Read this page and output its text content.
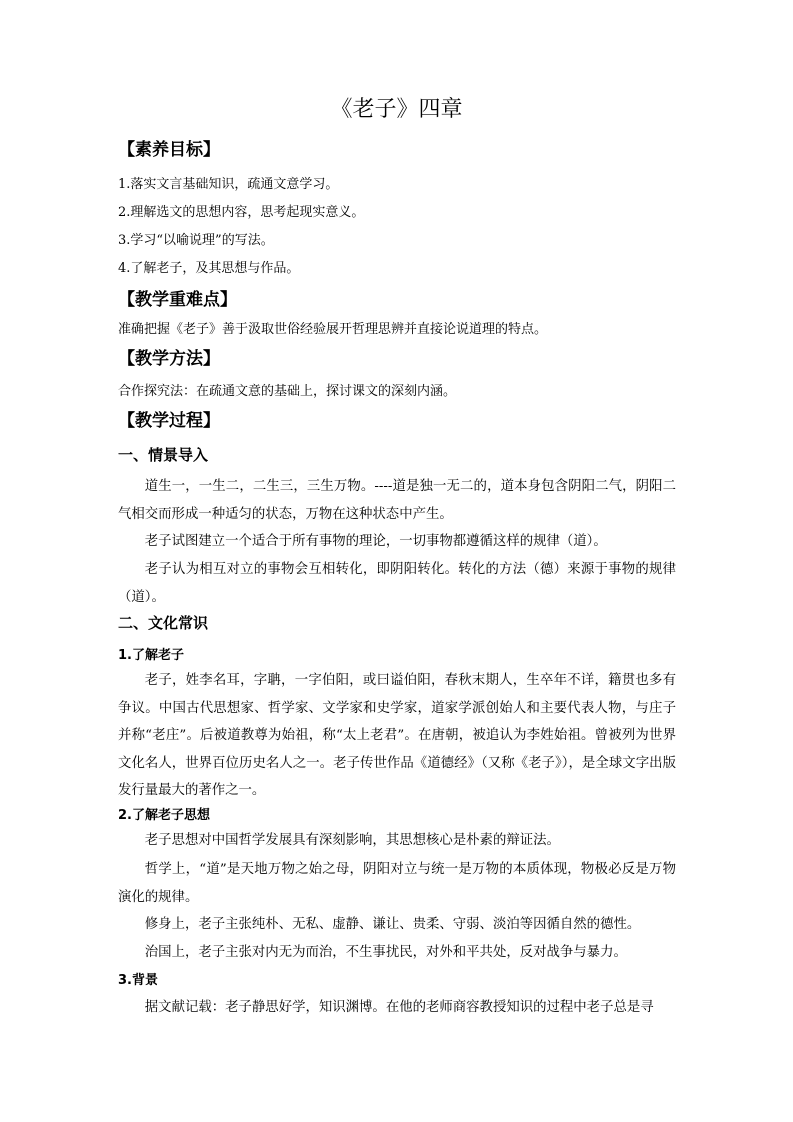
《老子》四章
【素养目标】
1.落实文言基础知识，疏通文意学习。
2.理解选文的思想内容，思考起现实意义。
3.学习“以喻说理”的写法。
4.了解老子，及其思想与作品。
【教学重难点】
准确把握《老子》善于汲取世俗经验展开哲理思辨并直接论说道理的特点。
【教学方法】
合作探究法：在疏通文意的基础上，探讨课文的深刻内涵。
【教学过程】
一、情景导入
道生一，一生二，二生三，三生万物。----道是独一无二的，道本身包含阴阳二气，阴阳二气相交而形成一种适匀的状态，万物在这种状态中产生。
老子试图建立一个适合于所有事物的理论，一切事物都遵循这样的规律（道）。
老子认为相互对立的事物会互相转化，即阴阳转化。转化的方法（德）来源于事物的规律（道）。
二、文化常识
1.了解老子
老子，姓李名耳，字聃，一字伯阳，或曰谥伯阳，春秋末期人，生卒年不详，籍贯也多有争议。中国古代思想家、哲学家、文学家和史学家，道家学派创始人和主要代表人物，与庄子并称“老庄”。后被道教尊为始祖，称“太上老君”。在唐朝，被追认为李姓始祖。曾被列为世界文化名人，世界百位历史名人之一。老子传世作品《道德经》（又称《老子》），是全球文字出版发行量最大的著作之一。
2.了解老子思想
老子思想对中国哲学发展具有深刻影响，其思想核心是朴素的辩证法。
哲学上，“道”是天地万物之始之母，阴阳对立与统一是万物的本质体现，物极必反是万物演化的规律。
修身上，老子主张纯朴、无私、虚静、谦让、贵柔、守弱、淡泊等因循自然的德性。
治国上，老子主张对内无为而治，不生事扰民，对外和平共处，反对战争与暴力。
3.背景
据文献记载：老子静思好学，知识渊博。在他的老师商容教授知识的过程中老子总是寻
